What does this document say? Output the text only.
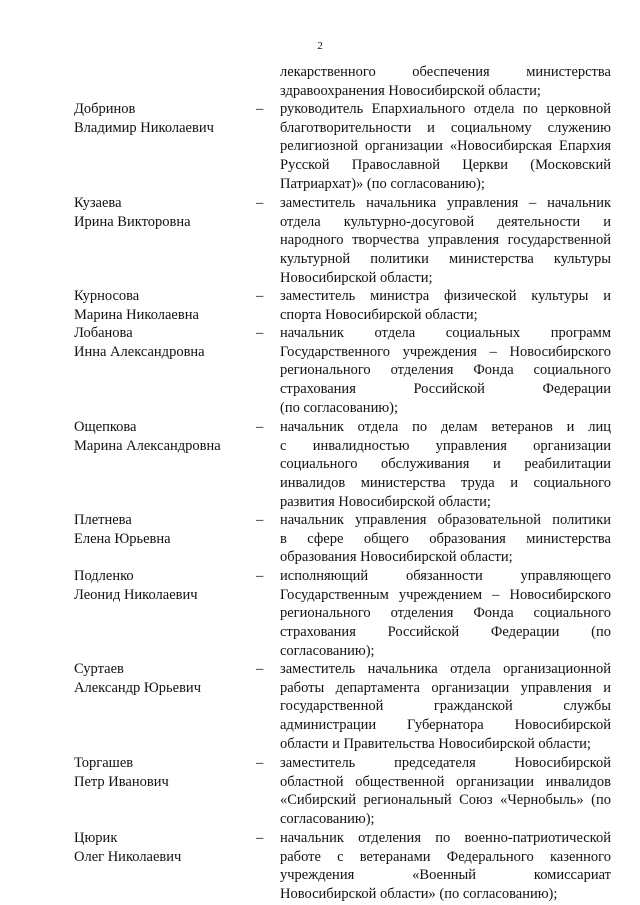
2
лекарственного обеспечения министерства
здравоохранения Новосибирской области;
Добринов
Владимир Николаевич
– руководитель Епархиального отдела по церковной
благотворительности и социальному служению
религиозной организации «Новосибирская Епархия
Русской Православной Церкви (Московский
Патриархат)» (по согласованию);
Кузаева
Ирина Викторовна
– заместитель начальника управления – начальник
отдела культурно-досуговой деятельности и
народного творчества управления государственной
культурной политики министерства культуры
Новосибирской области;
Курносова
Марина Николаевна
– заместитель министра физической культуры и
спорта Новосибирской области;
Лобанова
Инна Александровна
– начальник отдела социальных программ
Государственного учреждения – Новосибирского
регионального отделения Фонда социального
страхования Российской Федерации
(по согласованию);
Ощепкова
Марина Александровна
– начальник отдела по делам ветеранов и лиц
с инвалидностью управления организации
социального обслуживания и реабилитации
инвалидов министерства труда и социального
развития Новосибирской области;
Плетнева
Елена Юрьевна
– начальник управления образовательной политики
в сфере общего образования министерства
образования Новосибирской области;
Подленко
Леонид Николаевич
– исполняющий обязанности управляющего
Государственным учреждением – Новосибирского
регионального отделения Фонда социального
страхования Российской Федерации (по
согласованию);
Суртаев
Александр Юрьевич
– заместитель начальника отдела организационной
работы департамента организации управления и
государственной гражданской службы
администрации Губернатора Новосибирской
области и Правительства Новосибирской области;
Торгашев
Петр Иванович
– заместитель председателя Новосибирской
областной общественной организации инвалидов
«Сибирский региональный Союз «Чернобыль» (по
согласованию);
Цюрик
Олег Николаевич
– начальник отделения по военно-патриотической
работе с ветеранами Федерального казенного
учреждения «Военный комиссариат
Новосибирской области» (по согласованию);
